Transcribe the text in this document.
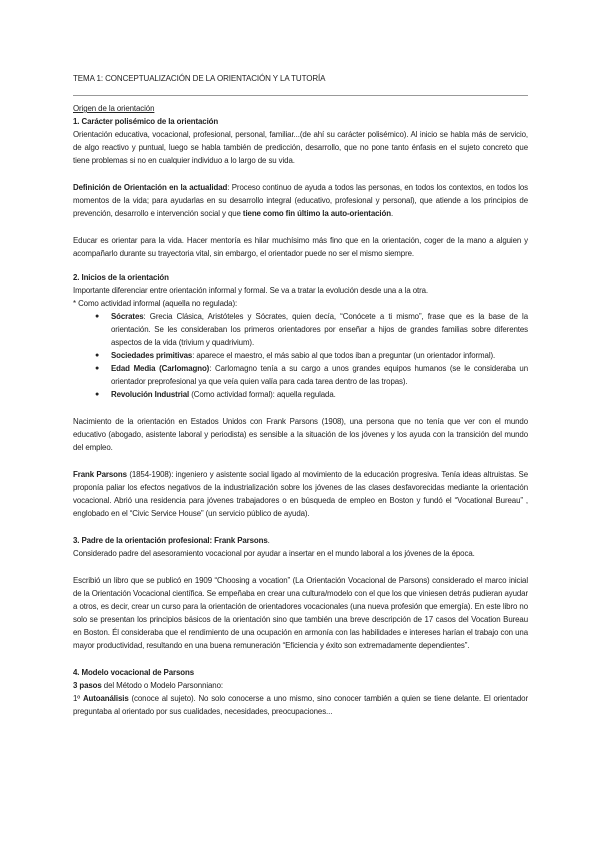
TEMA 1: CONCEPTUALIZACIÓN DE LA ORIENTACIÓN Y LA TUTORÍA

Origen de la orientación

1. Carácter polisémico de la orientación

Orientación educativa, vocacional, profesional, personal, familiar...(de ahí su carácter polisémico). Al inicio se habla más de servicio, de algo reactivo y puntual, luego se habla también de predicción, desarrollo, que no pone tanto énfasis en el sujeto concreto que tiene problemas si no en cualquier individuo a lo largo de su vida.

Definición de Orientación en la actualidad: Proceso continuo de ayuda a todos las personas, en todos los contextos, en todos los momentos de la vida; para ayudarlas en su desarrollo integral (educativo, profesional y personal), que atiende a los principios de prevención, desarrollo e intervención social y que tiene como fin último la auto-orientación.

Educar es orientar para la vida. Hacer mentoría es hilar muchísimo más fino que en la orientación, coger de la mano a alguien y acompañarlo durante su trayectoria vital, sin embargo, el orientador puede no ser el mismo siempre.

2. Inicios de la orientación

Importante diferenciar entre orientación informal y formal. Se va a tratar la evolución desde una a la otra.

* Como actividad informal (aquella no regulada):

● Sócrates: Grecia Clásica, Aristóteles y Sócrates, quien decía, “Conócete a ti mismo”, frase que es la base de la orientación. Se les consideraban los primeros orientadores por enseñar a hijos de grandes familias sobre diferentes aspectos de la vida (trivium y quadrivium).
● Sociedades primitivas: aparece el maestro, el más sabio al que todos iban a preguntar (un orientador informal).
● Edad Media (Carlomagno): Carlomagno tenía a su cargo a unos grandes equipos humanos (se le consideraba un orientador preprofesional ya que veía quien valía para cada tarea dentro de las tropas).
● Revolución Industrial (Como actividad formal): aquella regulada.

Nacimiento de la orientación en Estados Unidos con Frank Parsons (1908), una persona que no tenía que ver con el mundo educativo (abogado, asistente laboral y periodista) es sensible a la situación de los jóvenes y los ayuda con la transición del mundo del empleo.

Frank Parsons (1854-1908): ingeniero y asistente social ligado al movimiento de la educación progresiva. Tenía ideas altruistas. Se proponía paliar los efectos negativos de la industrialización sobre los jóvenes de las clases desfavorecidas mediante la orientación vocacional. Abrió una residencia para jóvenes trabajadores o en búsqueda de empleo en Boston y fundó el “Vocational Bureau” , englobado en el “Civic Service House” (un servicio público de ayuda).

3. Padre de la orientación profesional: Frank Parsons.

Considerado padre del asesoramiento vocacional por ayudar a insertar en el mundo laboral a los jóvenes de la época.

Escribió un libro que se publicó en 1909 “Choosing a vocation” (La Orientación Vocacional de Parsons) considerado el marco inicial de la Orientación Vocacional científica. Se empeñaba en crear una cultura/modelo con el que los que viniesen detrás pudieran ayudar a otros, es decir, crear un curso para la orientación de orientadores vocacionales (una nueva profesión que emergía). En este libro no solo se presentan los principios básicos de la orientación sino que también una breve descripción de 17 casos del Vocation Bureau en Boston. Él consideraba que el rendimiento de una ocupación en armonía con las habilidades e intereses harían el trabajo con una mayor productividad, resultando en una buena remuneración “Eficiencia y éxito son extremadamente dependientes”.

4. Modelo vocacional de Parsons

3 pasos del Método o Modelo Parsonniano:

1º Autoanálisis (conoce al sujeto). No solo conocerse a uno mismo, sino conocer también a quien se tiene delante. El orientador preguntaba al orientado por sus cualidades, necesidades, preocupaciones...
